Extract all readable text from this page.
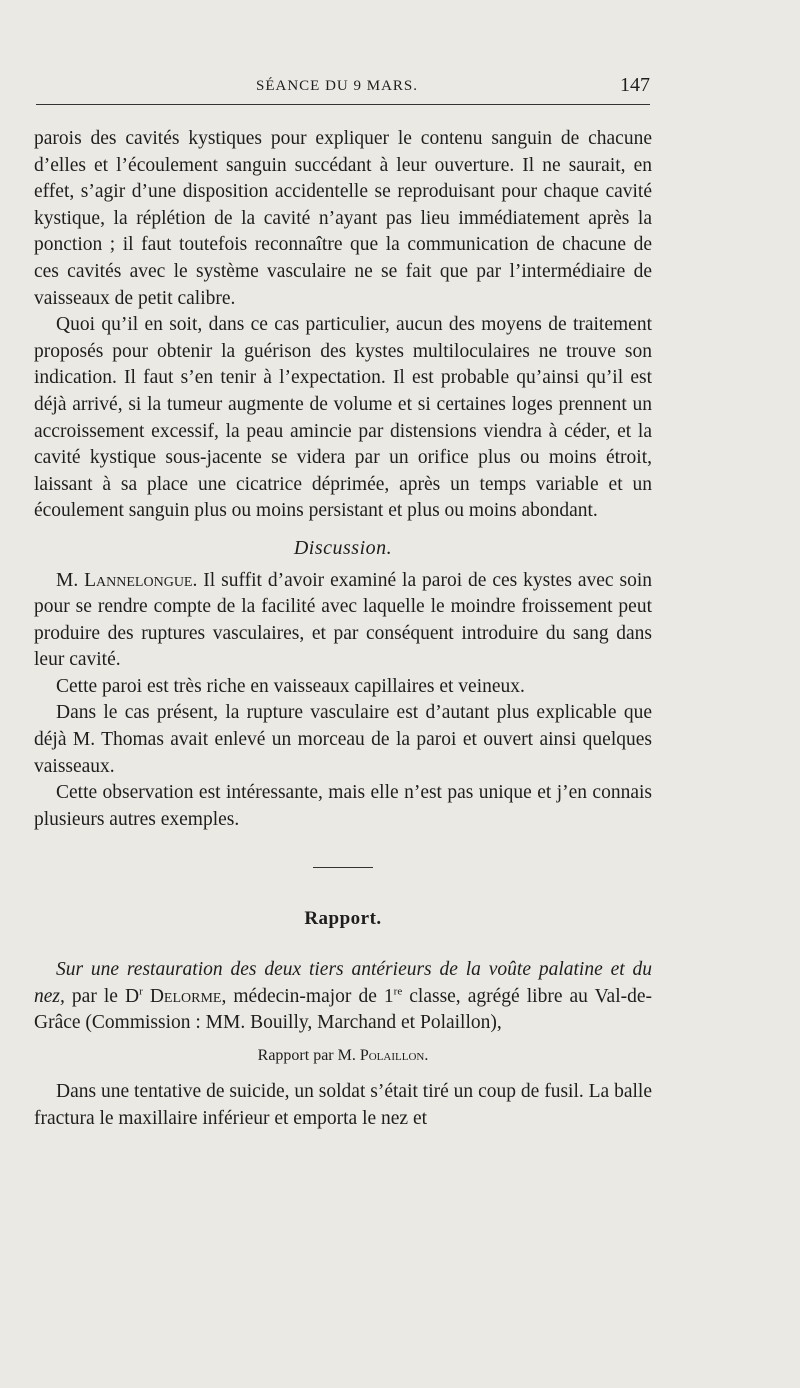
SÉANCE DU 9 MARS.	147

parois des cavités kystiques pour expliquer le contenu sanguin de chacune d’elles et l’écoulement sanguin succédant à leur ouverture. Il ne saurait, en effet, s’agir d’une disposition accidentelle se reproduisant pour chaque cavité kystique, la réplétion de la cavité n’ayant pas lieu immédiatement après la ponction ; il faut toutefois reconnaître que la communication de chacune de ces cavités avec le système vasculaire ne se fait que par l’intermédiaire de vaisseaux de petit calibre.

Quoi qu’il en soit, dans ce cas particulier, aucun des moyens de traitement proposés pour obtenir la guérison des kystes multiloculaires ne trouve son indication. Il faut s’en tenir à l’expectation. Il est probable qu’ainsi qu’il est déjà arrivé, si la tumeur augmente de volume et si certaines loges prennent un accroissement excessif, la peau amincie par distensions viendra à céder, et la cavité kystique sous-jacente se videra par un orifice plus ou moins étroit, laissant à sa place une cicatrice déprimée, après un temps variable et un écoulement sanguin plus ou moins persistant et plus ou moins abondant.

Discussion.

M. Lannelongue. Il suffit d’avoir examiné la paroi de ces kystes avec soin pour se rendre compte de la facilité avec laquelle le moindre froissement peut produire des ruptures vasculaires, et par conséquent introduire du sang dans leur cavité.

Cette paroi est très riche en vaisseaux capillaires et veineux.

Dans le cas présent, la rupture vasculaire est d’autant plus explicable que déjà M. Thomas avait enlevé un morceau de la paroi et ouvert ainsi quelques vaisseaux.

Cette observation est intéressante, mais elle n’est pas unique et j’en connais plusieurs autres exemples.

Rapport.

Sur une restauration des deux tiers antérieurs de la voûte palatine et du nez, par le $D^r$ Delorme, médecin-major de 1re classe, agrégé libre au Val-de-Grâce (Commission : MM. Bouilly, Marchand et Polaillon),

Rapport par M. Polaillon.

Dans une tentative de suicide, un soldat s’était tiré un coup de fusil. La balle fractura le maxillaire inférieur et emporta le nez et
